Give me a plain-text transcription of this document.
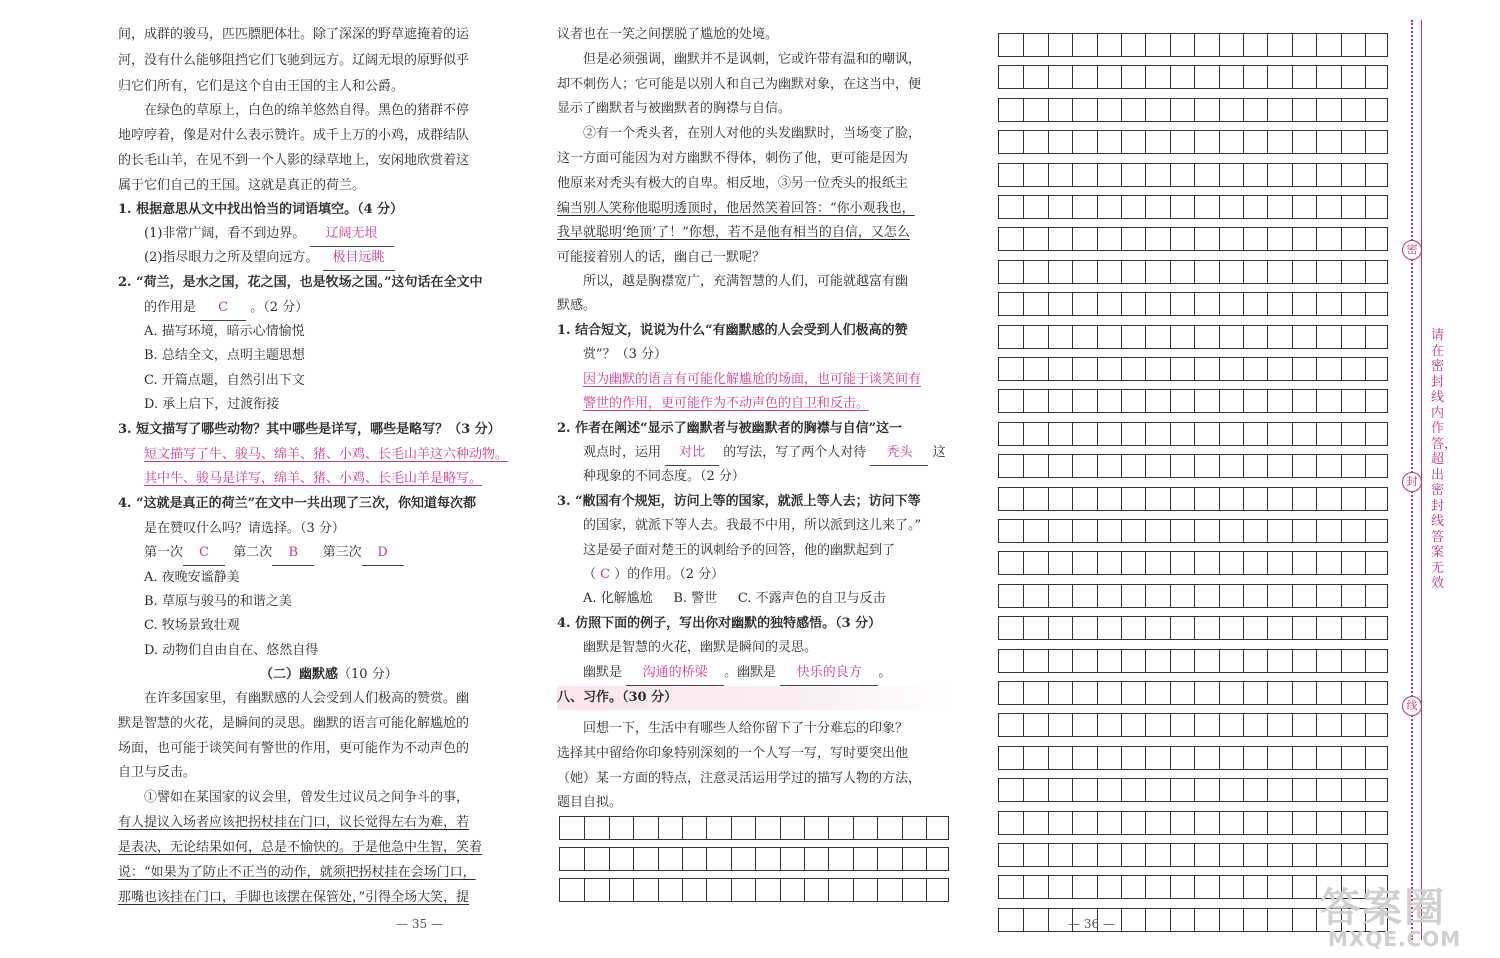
间，成群的骏马，匹匹膘肥体壮。除了深深的野草遮掩着的运
河，没有什么能够阻挡它们飞驰到远方。辽阔无垠的原野似乎
归它们所有，它们是这个自由王国的主人和公爵。
在绿色的草原上，白色的绵羊悠然自得。黑色的猪群不停
地哼哼着，像是对什么表示赞许。成千上万的小鸡，成群结队
的长毛山羊，在见不到一个人影的绿草地上，安闲地欣赏着这
属于它们自己的王国。这就是真正的荷兰。
1. 根据意思从文中找出恰当的词语填空。（4 分）
(1)非常广阔，看不到边界。 辽阔无垠
(2)指尽眼力之所及望向远方。 极目远眺
2. “荷兰，是水之国，花之国，也是牧场之国。”这句话在全文中
的作用是 C 。（2 分）
A. 描写环境，暗示心情愉悦
B. 总结全文，点明主题思想
C. 开篇点题，自然引出下文
D. 承上启下，过渡衔接
3. 短文描写了哪些动物？其中哪些是详写，哪些是略写？（3 分）
短文描写了牛、骏马、绵羊、猪、小鸡、长毛山羊这六种动物。
其中牛、骏马是详写，绵羊、猪、小鸡、长毛山羊是略写。
4. “这就是真正的荷兰”在文中一共出现了三次，你知道每次都
是在赞叹什么吗？请选择。（3 分）
第一次 C 第二次 B 第三次 D
A. 夜晚安谧静美
B. 草原与骏马的和谐之美
C. 牧场景致壮观
D. 动物们自由自在、悠然自得
（二）幽默感（10 分）
在许多国家里，有幽默感的人会受到人们极高的赞赏。幽
默是智慧的火花，是瞬间的灵思。幽默的语言可能化解尴尬的
场面，也可能于谈笑间有警世的作用，更可能作为不动声色的
自卫与反击。
①譬如在某国家的议会里，曾发生过议员之间争斗的事，
有人提议入场者应该把拐杖挂在门口，议长觉得左右为难，若
是表决，无论结果如何，总是不愉快的。于是他急中生智，笑着
说：“如果为了防止不正当的动作，就须把拐杖挂在会场门口，
那嘴也该挂在门口，手脚也该摆在保管处，”引得全场大笑，提
— 35 —
议者也在一笑之间摆脱了尴尬的处境。
但是必须强调，幽默并不是讽刺，它或许带有温和的嘲讽，
却不刺伤人；它可能是以别人和自己为幽默对象，在这当中，便
显示了幽默者与被幽默者的胸襟与自信。
②有一个秃头者，在别人对他的头发幽默时，当场变了脸，
这一方面可能因为对方幽默不得体，刺伤了他，更可能是因为
他原来对秃头有极大的自卑。相反地，③另一位秃头的报纸主
编当别人笑称他聪明透顶时，他居然笑着回答：“你小观我也，
我早就聪明‘绝顶’了！”你想，若不是他有相当的自信，又怎么
可能接着别人的话，幽自己一默呢？
所以，越是胸襟宽广，充满智慧的人们，可能就越富有幽
默感。
1. 结合短文，说说为什么“有幽默感的人会受到人们极高的赞
赏”？（3 分）
因为幽默的语言有可能化解尴尬的场面，也可能于谈笑间有
警世的作用，更可能作为不动声色的自卫和反击。
2. 作者在阐述“显示了幽默者与被幽默者的胸襟与自信”这一
观点时，运用 对比 的写法，写了两个人对待 秃头 这
种现象的不同态度。（2 分）
3. “敝国有个规矩，访问上等的国家，就派上等人去；访问下等
的国家，就派下等人去。我最不中用，所以派到这儿来了。”
这是晏子面对楚王的讽刺给予的回答，他的幽默起到了
（ C ）的作用。（2 分）
A. 化解尴尬 B. 警世 C. 不露声色的自卫与反击
4. 仿照下面的例子，写出你对幽默的独特感悟。（3 分）
幽默是智慧的火花，幽默是瞬间的灵思。
幽默是 沟通的桥梁 。幽默是 快乐的良方 。
八、习作。（30 分）
回想一下，生活中有哪些人给你留下了十分难忘的印象？
选择其中留给你印象特别深刻的一个人写一写，写时要突出他
（她）某一方面的特点，注意灵活运用学过的描写人物的方法，
题目自拟。
— 36 —
密
封
线
请在密封线内作答，超出密封线答案无效
答案圈
MXQE.COM
